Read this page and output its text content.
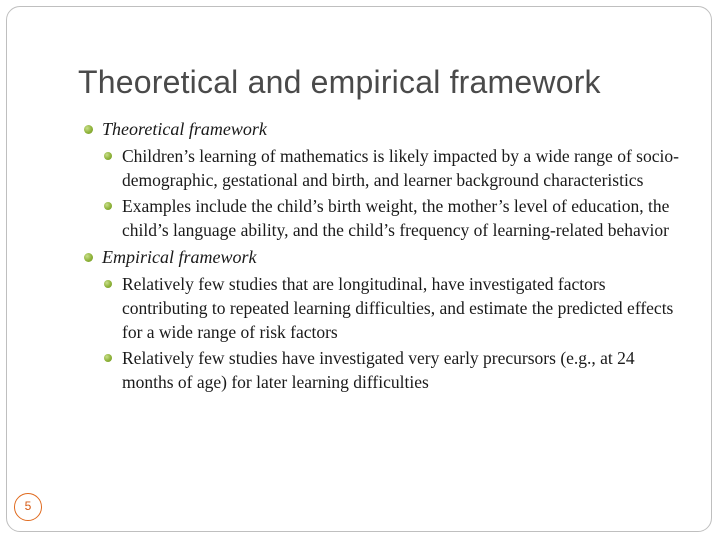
Theoretical and empirical framework
Theoretical framework
Children’s learning of mathematics is likely impacted by a wide range of socio-demographic, gestational and birth, and learner background characteristics
Examples include the child’s birth weight, the mother’s level of education, the child’s language ability, and the child’s frequency of learning-related behavior
Empirical framework
Relatively few studies that are longitudinal, have investigated factors contributing to repeated learning difficulties, and estimate the predicted effects for a wide range of risk factors
Relatively few studies have investigated very early precursors (e.g., at 24 months of age) for later learning difficulties
5
